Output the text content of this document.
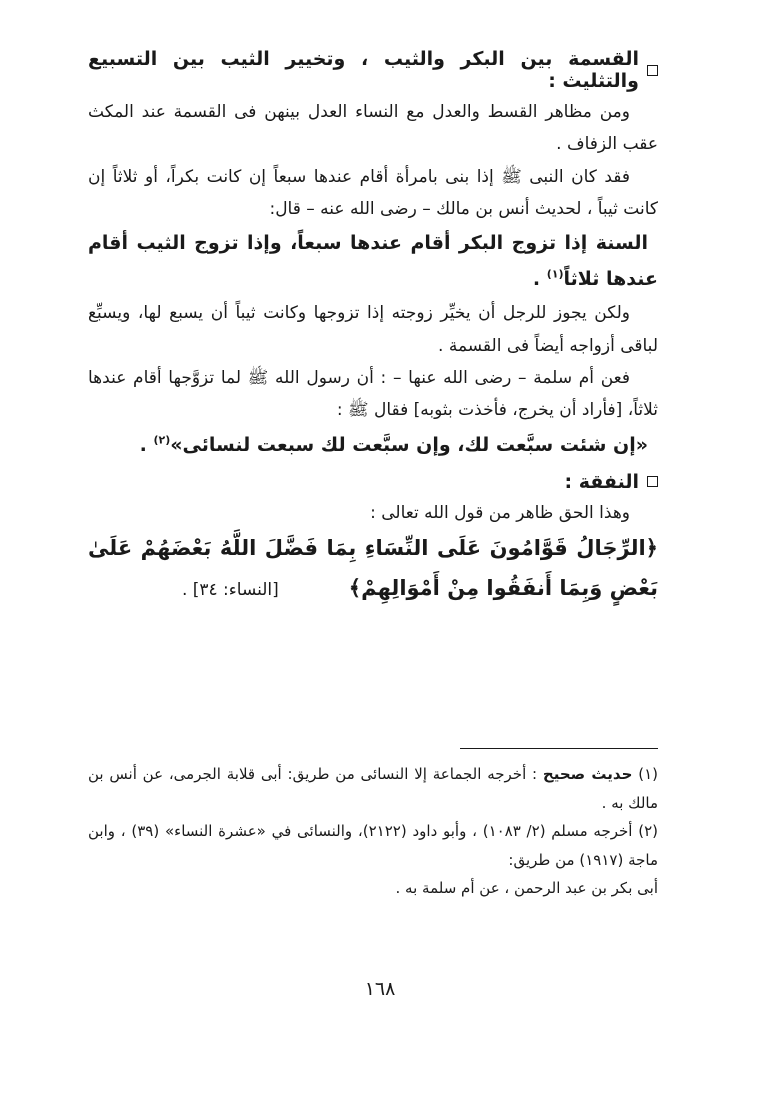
القسمة بين البكر والثيب ، وتخيير الثيب بين التسبيع والتثليث :

ومن مظاهر القسط والعدل مع النساء العدل بينهن فى القسمة عند المكث عقب الزفاف .

فقد كان النبى ﷺ إذا بنى بامرأة أقام عندها سبعاً إن كانت بكراً، أو ثلاثاً إن كانت ثيباً ، لحديث أنس بن مالك – رضى الله عنه – قال:

السنة إذا تزوج البكر أقام عندها سبعاً، وإذا تزوج الثيب أقام عندها ثلاثاً$^{(١)}$ .

ولكن يجوز للرجل أن يخيِّر زوجته إذا تزوجها وكانت ثيباً أن يسبع لها، ويسبِّع لباقى أزواجه أيضاً فى القسمة .

فعن أم سلمة – رضى الله عنها – : أن رسول الله ﷺ لما تزوَّجها أقام عندها ثلاثاً، [فأراد أن يخرج، فأخذت بثوبه] فقال ﷺ :

«إن شئت سبَّعت لك، وإن سبَّعت لك سبعت لنسائى»$^{(٢)}$ .

النفقة :

وهذا الحق ظاهر من قول الله تعالى :

﴿الرِّجَالُ قَوَّامُونَ عَلَى النِّسَاءِ بِمَا فَضَّلَ اللَّهُ بَعْضَهُمْ عَلَىٰ بَعْضٍ وَبِمَا أَنفَقُوا مِنْ أَمْوَالِهِمْ﴾[النساء: ٣٤] .

(١) حديث صحيح : أخرجه الجماعة إلا النسائى من طريق: أبى قلابة الجرمى، عن أنس بن مالك به .

(٢) أخرجه مسلم (٢/ ١٠٨٣) ، وأبو داود (٢١٢٢)، والنسائى في «عشرة النساء» (٣٩) ، وابن ماجة (١٩١٧) من طريق:

أبى بكر بن عبد الرحمن ، عن أم سلمة به .

١٦٨
